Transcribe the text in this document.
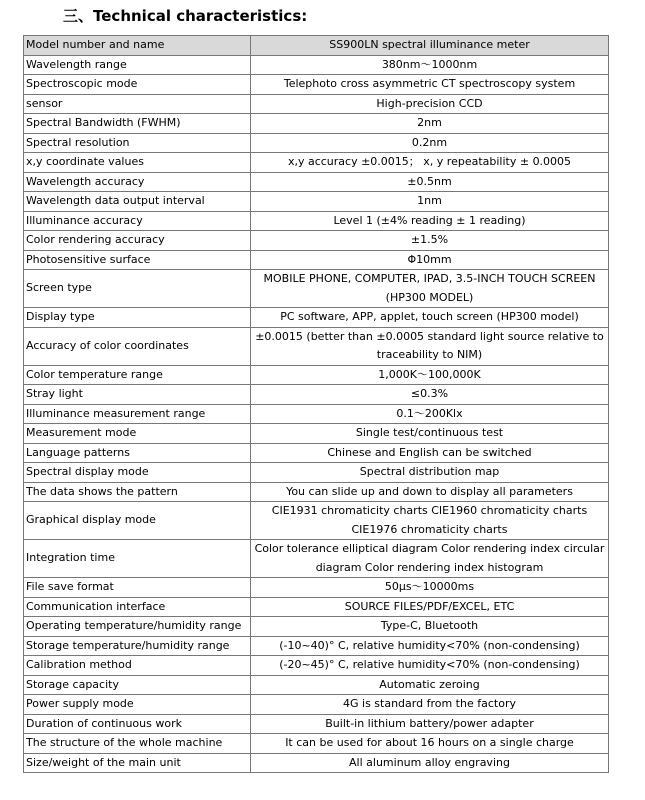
三、Technical characteristics:
Model number and name	SS900LN spectral illuminance meter
Wavelength range	380nm～1000nm
Spectroscopic mode	Telephoto cross asymmetric CT spectroscopy system
sensor	High-precision CCD
Spectral Bandwidth (FWHM)	2nm
Spectral resolution	0.2nm
x,y coordinate values	x,y accuracy ±0.0015； x, y repeatability ± 0.0005
Wavelength accuracy	±0.5nm
Wavelength data output interval	1nm
Illuminance accuracy	Level 1 (±4% reading ± 1 reading)
Color rendering accuracy	±1.5%
Photosensitive surface	Φ10mm
Screen type	MOBILE PHONE, COMPUTER, IPAD, 3.5-INCH TOUCH SCREEN (HP300 MODEL)
Display type	PC software, APP, applet, touch screen (HP300 model)
Accuracy of color coordinates	±0.0015 (better than ±0.0005 standard light source relative to traceability to NIM)
Color temperature range	1,000K～100,000K
Stray light	≤0.3%
Illuminance measurement range	0.1～200Klx
Measurement mode	Single test/continuous test
Language patterns	Chinese and English can be switched
Spectral display mode	Spectral distribution map
The data shows the pattern	You can slide up and down to display all parameters
Graphical display mode	CIE1931 chromaticity charts CIE1960 chromaticity charts CIE1976 chromaticity charts
Integration time	Color tolerance elliptical diagram Color rendering index circular diagram Color rendering index histogram
File save format	50μs～10000ms
Communication interface	SOURCE FILES/PDF/EXCEL, ETC
Operating temperature/humidity range	Type-C, Bluetooth
Storage temperature/humidity range	(-10~40)° C, relative humidity<70% (non-condensing)
Calibration method	(-20~45)° C, relative humidity<70% (non-condensing)
Storage capacity	Automatic zeroing
Power supply mode	4G is standard from the factory
Duration of continuous work	Built-in lithium battery/power adapter
The structure of the whole machine	It can be used for about 16 hours on a single charge
Size/weight of the main unit	All aluminum alloy engraving
